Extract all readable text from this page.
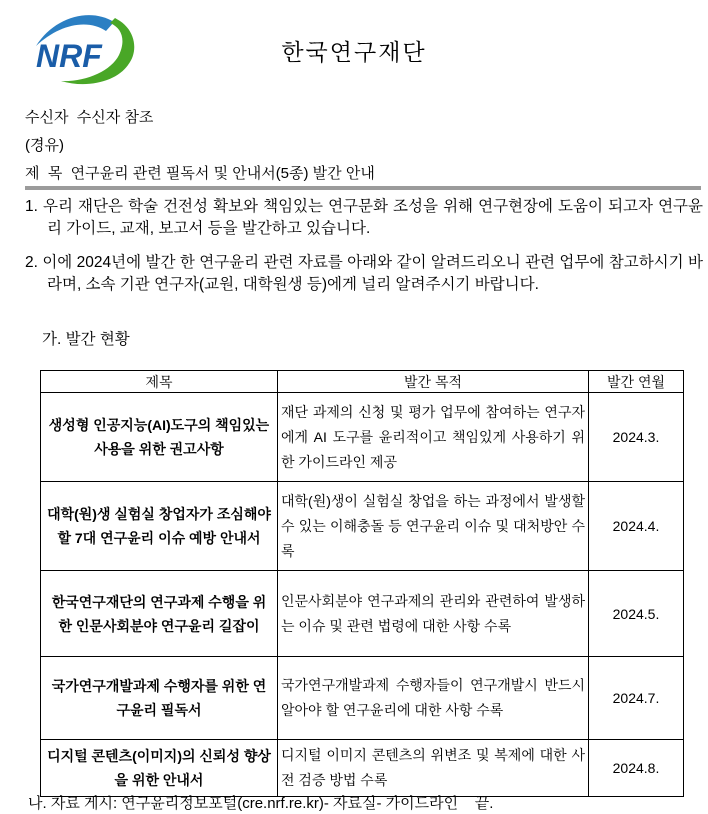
NRF	한국연구재단
수신자  수신자 참조
(경유)
제  목  연구윤리 관련 필독서 및 안내서(5종) 발간 안내
1. 우리 재단은 학술 건전성 확보와 책임있는 연구문화 조성을 위해 연구현장에 도움이 되고자 연구윤리 가이드, 교재, 보고서 등을 발간하고 있습니다.
2. 이에 2024년에 발간 한 연구윤리 관련 자료를 아래와 같이 알려드리오니 관련 업무에 참고하시기 바라며, 소속 기관 연구자(교원, 대학원생 등)에게 널리 알려주시기 바랍니다.
가. 발간 현황
제목	발간 목적	발간 연월
생성형 인공지능(AI)도구의 책임있는 사용을 위한 권고사항	재단 과제의 신청 및 평가 업무에 참여하는 연구자에게 AI 도구를 윤리적이고 책임있게 사용하기 위한 가이드라인 제공	2024.3.
대학(원)생 실험실 창업자가 조심해야 할 7대 연구윤리 이슈 예방 안내서	대학(원)생이 실험실 창업을 하는 과정에서 발생할 수 있는 이해충돌 등 연구윤리 이슈 및 대처방안 수록	2024.4.
한국연구재단의 연구과제 수행을 위한 인문사회분야 연구윤리 길잡이	인문사회분야 연구과제의 관리와 관련하여 발생하는 이슈 및 관련 법령에 대한 사항 수록	2024.5.
국가연구개발과제 수행자를 위한 연구윤리 필독서	국가연구개발과제 수행자들이 연구개발시 반드시 알아야 할 연구윤리에 대한 사항 수록	2024.7.
디지털 콘텐츠(이미지)의 신뢰성 향상을 위한 안내서	디지털 이미지 콘텐츠의 위변조 및 복제에 대한 사전 검증 방법 수록	2024.8.
나. 자료 게시: 연구윤리정보포털(cre.nrf.re.kr)- 자료실- 가이드라인    끝.
